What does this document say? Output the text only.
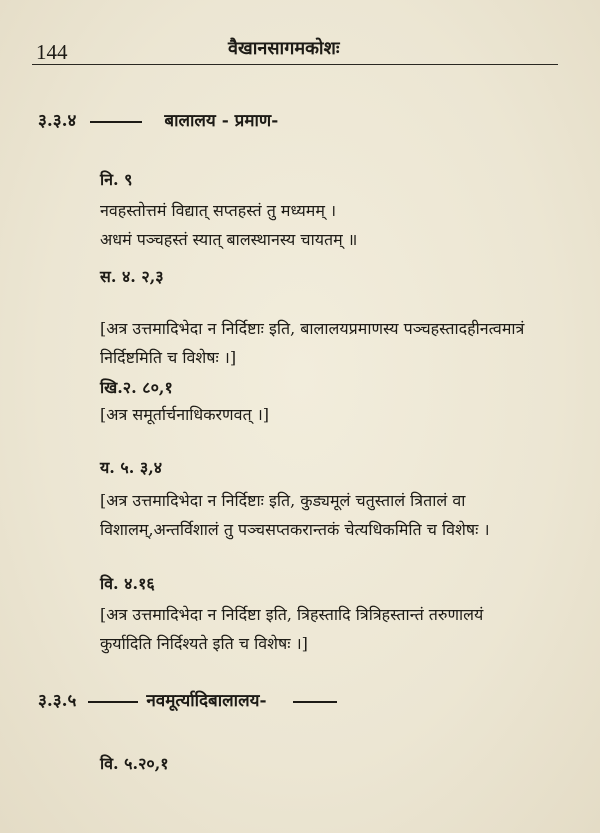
144	वैखानसागमकोशः
३.३.४	बालालय - प्रमाण-
नि. ९
नवहस्तोत्तमं विद्यात् सप्तहस्तं तु मध्यमम् ।
अधमं पञ्चहस्तं स्यात् बालस्थानस्य चायतम् ॥
स. ४. २,३
[अत्र उत्तमादिभेदा न निर्दिष्टाः इति, बालालयप्रमाणस्य पञ्चहस्तादहीनत्वमात्रं
निर्दिष्टमिति च विशेषः ।]
खि.२. ८०,१
[अत्र समूर्तार्चनाधिकरणवत् ।]
य. ५. ३,४
[अत्र उत्तमादिभेदा न निर्दिष्टाः इति, कुड्यमूलं चतुस्तालं त्रितालं वा
विशालम्,अन्तर्विशालं तु पञ्चसप्तकरान्तकं चेत्यधिकमिति च विशेषः ।
वि. ४.१६
[अत्र उत्तमादिभेदा न निर्दिष्टा इति, त्रिहस्तादि त्रित्रिहस्तान्तं तरुणालयं
कुर्यादिति निर्दिश्यते इति च विशेषः ।]
३.३.५	नवमूर्त्यादिबालालय-
वि. ५.२०,१
